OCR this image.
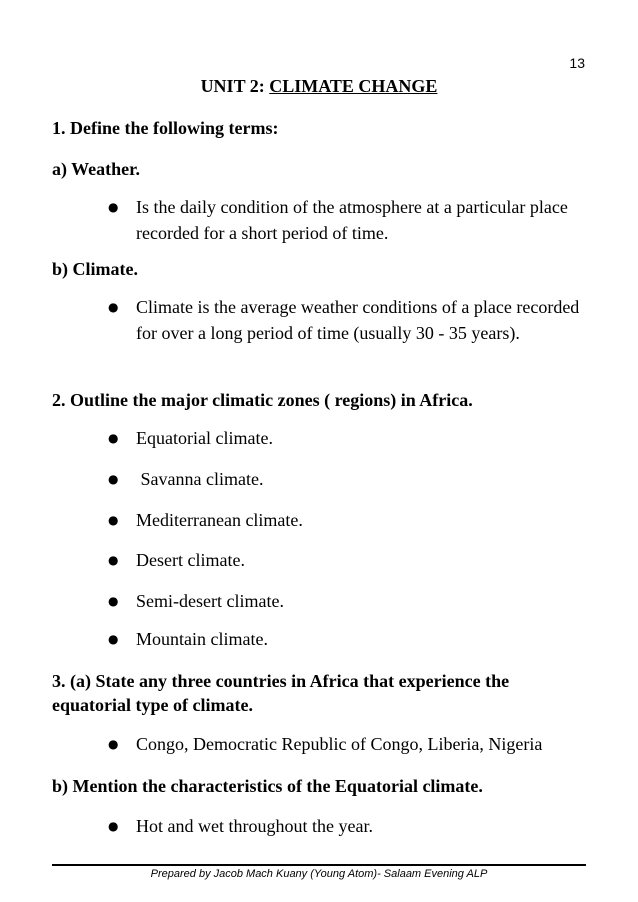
13
UNIT 2: CLIMATE CHANGE
1. Define the following terms:
a) Weather.
● Is the daily condition of the atmosphere at a particular place recorded for a short period of time.
b) Climate.
● Climate is the average weather conditions of a place recorded for over a long period of time (usually 30 - 35 years).
2. Outline the major climatic zones ( regions) in Africa.
● Equatorial climate.
● Savanna climate.
● Mediterranean climate.
● Desert climate.
● Semi-desert climate.
● Mountain climate.
3. (a) State any three countries in Africa that experience the
equatorial type of climate.
● Congo, Democratic Republic of Congo, Liberia, Nigeria
b) Mention the characteristics of the Equatorial climate.
● Hot and wet throughout the year.
Prepared by Jacob Mach Kuany (Young Atom)- Salaam Evening ALP
